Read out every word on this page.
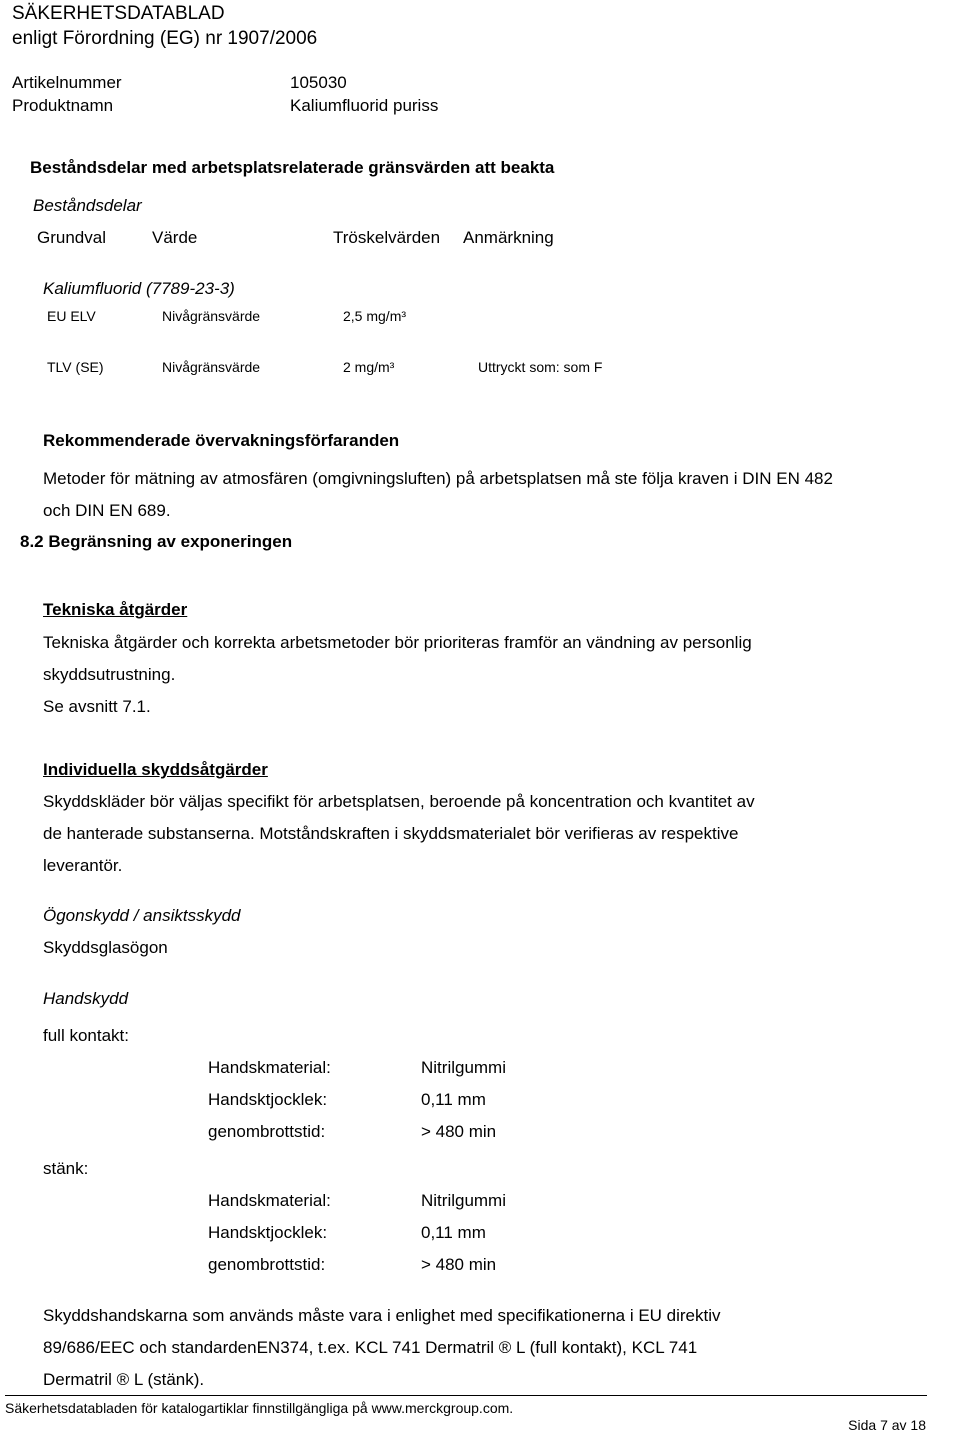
SÄKERHETSDATABLAD
enligt Förordning (EG) nr 1907/2006
Artikelnummer	105030
Produktnamn	Kaliumfluorid puriss
Beståndsdelar med arbetsplatsrelaterade gränsvärden att beakta
Beståndsdelar
Grundval	Värde	Tröskelvärden Anmärkning
Kaliumfluorid (7789-23-3)
EU ELV	Nivågränsvärde	2,5 mg/m³
TLV (SE)	Nivågränsvärde	2 mg/m³	Uttryckt som: som F
Rekommenderade övervakningsförfaranden
Metoder för mätning av atmosfären (omgivningsluften) på arbetsplatsen må ste följa kraven i DIN EN 482
och DIN EN 689.
8.2 Begränsning av exponeringen
Tekniska åtgärder
Tekniska åtgärder och korrekta arbetsmetoder bör prioriteras framför an vändning av personlig
skyddsutrustning.
Se avsnitt 7.1.
Individuella skyddsåtgärder
Skyddskläder bör väljas specifikt för arbetsplatsen, beroende på koncentration och kvantitet av
de hanterade substanserna. Motståndskraften i skyddsmaterialet bör verifieras av respektive
leverantör.
Ögonskydd / ansiktsskydd
Skyddsglasögon
Handskydd
full kontakt:
Handskmaterial:	Nitrilgummi
Handsktjocklek:	0,11 mm
genombrottstid:	> 480 min
stänk:
Handskmaterial:	Nitrilgummi
Handsktjocklek:	0,11 mm
genombrottstid:	> 480 min
Skyddshandskarna som används måste vara i enlighet med specifikationerna i EU direktiv
89/686/EEC och standardenEN374, t.ex. KCL 741 Dermatril ® L (full kontakt), KCL 741
Dermatril ® L (stänk).
Säkerhetsdatabladen för katalogartiklar finnstillgängliga på www.merckgroup.com.
Sida 7 av 18
